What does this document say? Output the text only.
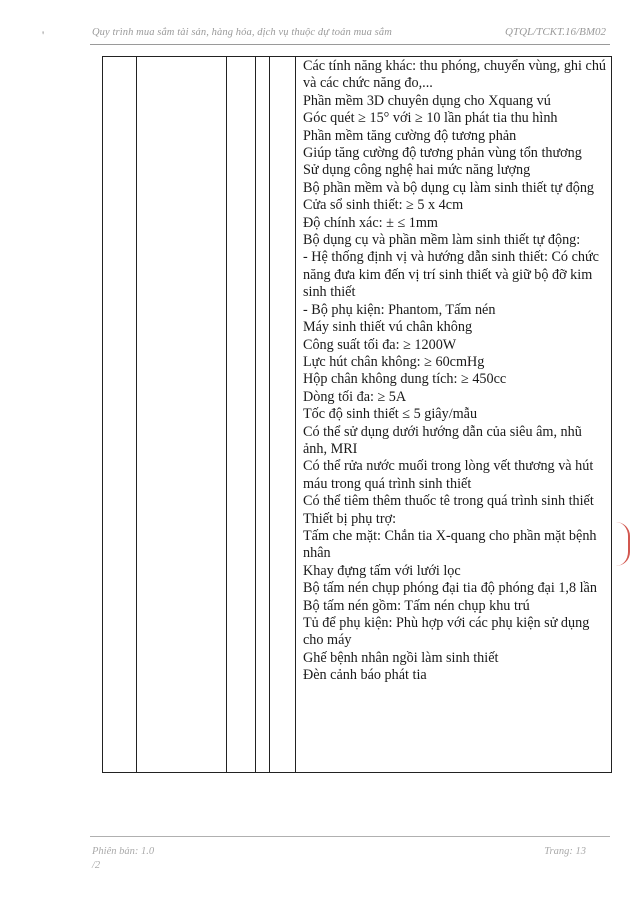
'	Quy trình mua sắm tài sản, hàng hóa, dịch vụ thuộc dự toán mua sắm	QTQL/TCKT.16/BM02
Các tính năng khác: thu phóng, chuyển vùng, ghi chú và các chức năng đo,...
Phần mềm 3D chuyên dụng cho Xquang vú
Góc quét ≥ 15° với ≥ 10 lần phát tia thu hình
Phần mềm tăng cường độ tương phản
Giúp tăng cường độ tương phản vùng tổn thương
Sử dụng công nghệ hai mức năng lượng
Bộ phần mềm và bộ dụng cụ làm sinh thiết tự động
Cửa sổ sinh thiết: ≥ 5 x 4cm
Độ chính xác: ± ≤ 1mm
Bộ dụng cụ và phần mềm làm sinh thiết tự động:
- Hệ thống định vị và hướng dẫn sinh thiết: Có chức năng đưa kim đến vị trí sinh thiết và giữ bộ đỡ kim sinh thiết
- Bộ phụ kiện: Phantom, Tấm nén
Máy sinh thiết vú chân không
Công suất tối đa: ≥ 1200W
Lực hút chân không: ≥ 60cmHg
Hộp chân không dung tích: ≥ 450cc
Dòng tối đa: ≥ 5A
Tốc độ sinh thiết ≤ 5 giây/mẫu
Có thể sử dụng dưới hướng dẫn của siêu âm, nhũ ảnh, MRI
Có thể rửa nước muối trong lòng vết thương và hút máu trong quá trình sinh thiết
Có thể tiêm thêm thuốc tê trong quá trình sinh thiết
Thiết bị phụ trợ:
Tấm che mặt: Chắn tia X-quang cho phần mặt bệnh nhân
Khay đựng tấm với lưới lọc
Bộ tấm nén chụp phóng đại tia độ phóng đại 1,8 lần
Bộ tấm nén gồm: Tấm nén chụp khu trú
Tủ để phụ kiện: Phù hợp với các phụ kiện sử dụng cho máy
Ghế bệnh nhân ngồi làm sinh thiết
Đèn cảnh báo phát tia
Phiên bản: 1.0
/2
Trang: 13
